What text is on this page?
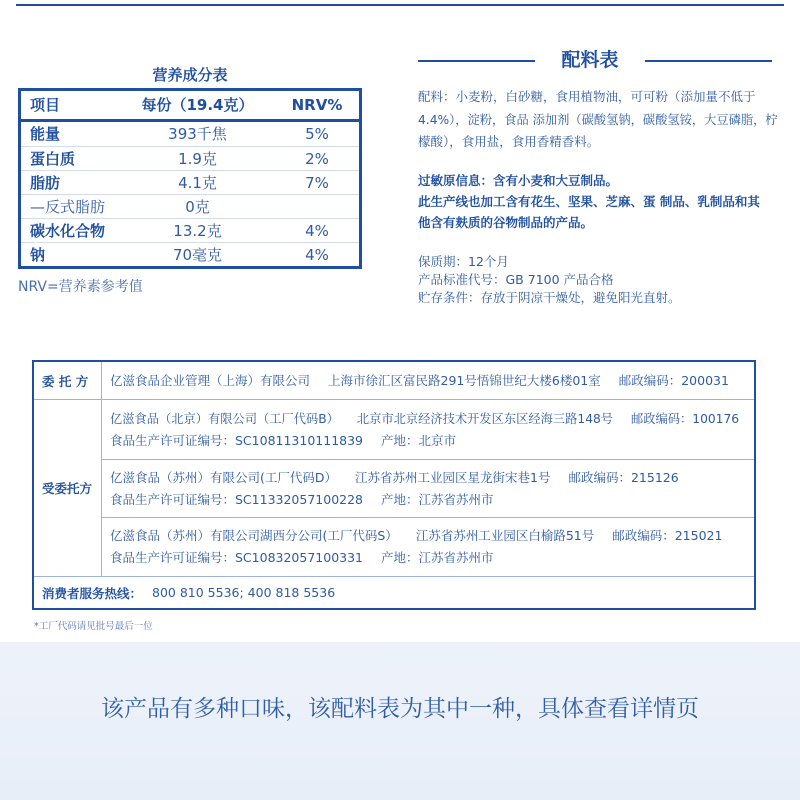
营养成分表
项目	每份（19.4克）	NRV%
能量	393千焦	5%
蛋白质	1.9克	2%
脂肪	4.1克	7%
—反式脂肪	0克
碳水化合物	13.2克	4%
钠	70毫克	4%
NRV=营养素参考值
配料表
配料：小麦粉，白砂糖，食用植物油，可可粉（添加量不低于
4.4%），淀粉，食品 添加剂（碳酸氢钠，碳酸氢铵，大豆磷脂，柠
檬酸），食用盐，食用香精香料。
过敏原信息：含有小麦和大豆制品。
此生产线也加工含有花生、坚果、芝麻、蛋 制品、乳制品和其
他含有麸质的谷物制品的产品。
保质期：12个月
产品标准代号：GB 7100 产品合格
贮存条件：存放于阴凉干燥处，避免阳光直射。
委 托 方	亿滋食品企业管理（上海）有限公司 上海市徐汇区富民路291号悟锦世纪大楼6楼01室 邮政编码：200031
受委托方
亿滋食品（北京）有限公司（工厂代码B） 北京市北京经济技术开发区东区经海三路148号 邮政编码：100176
食品生产许可证编号：SC10811310111839 产地：北京市
亿滋食品（苏州）有限公司(工厂代码D） 江苏省苏州工业园区星龙街宋巷1号 邮政编码：215126
食品生产许可证编号：SC11332057100228 产地：江苏省苏州市
亿滋食品（苏州）有限公司湖西分公司(工厂代码S） 江苏省苏州工业园区白榆路51号 邮政编码：215021
食品生产许可证编号：SC10832057100331 产地：江苏省苏州市
消费者服务热线： 800 810 5536; 400 818 5536
*工厂代码请见批号最后一位
该产品有多种口味，该配料表为其中一种，具体查看详情页
